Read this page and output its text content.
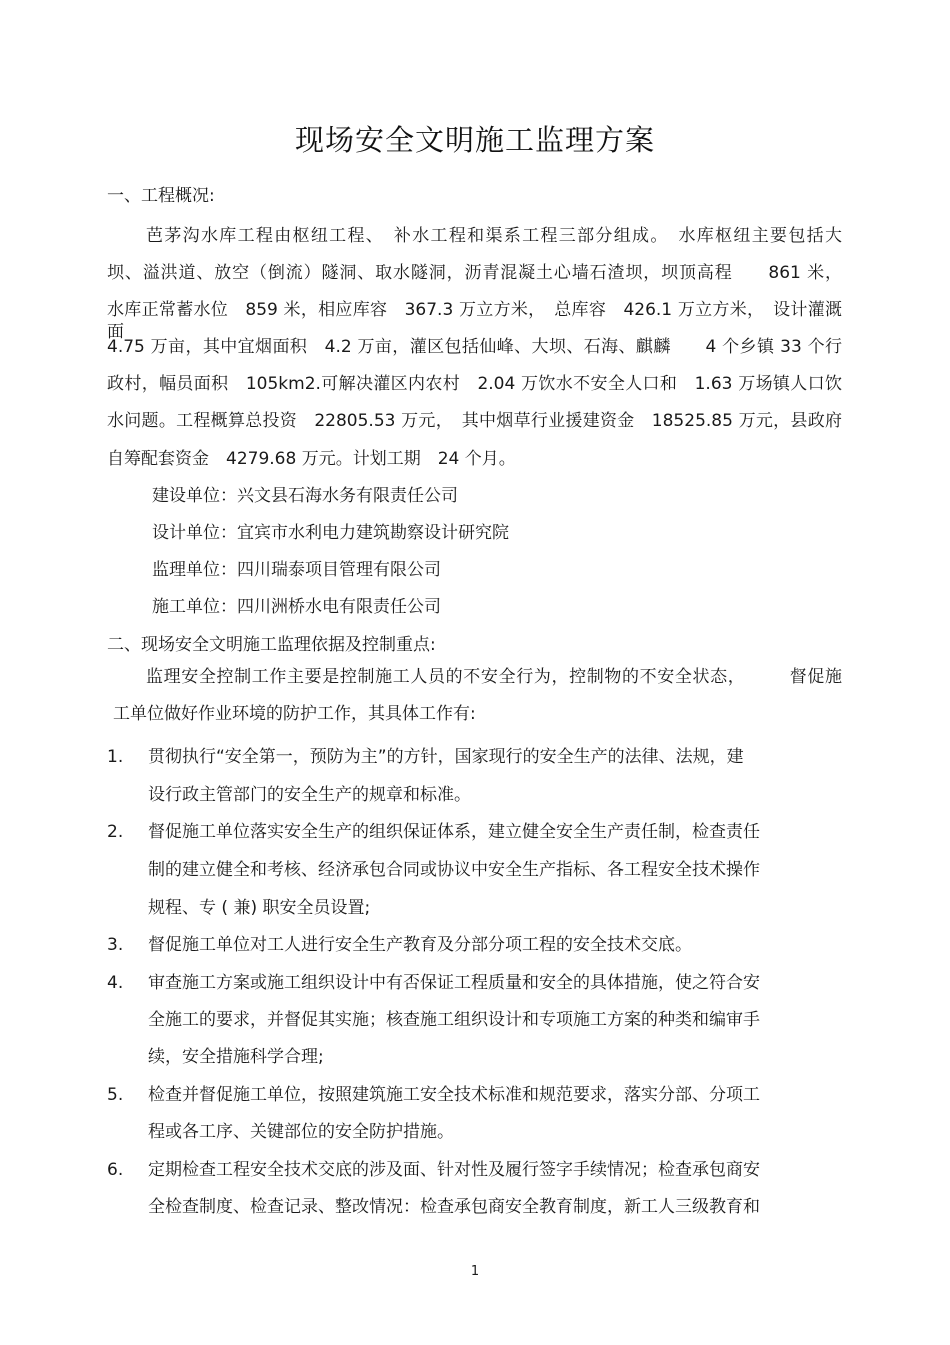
现场安全文明施工监理方案
一、工程概况:
芭茅沟水库工程由枢纽工程、　补水工程和渠系工程三部分组成。　水库枢纽主要包括大
坝、溢洪道、放空（倒流）隧洞、取水隧洞，沥青混凝土心墙石渣坝，坝顶高程　　861 米，
水库正常蓄水位　859 米，相应库容　367.3 万立方米，　总库容　426.1 万立方米，　设计灌溉面
4.75 万亩，其中宜烟面积　4.2 万亩，灌区包括仙峰、大坝、石海、麒麟　　4 个乡镇 33 个行
政村，幅员面积　105km2.可解决灌区内农村　2.04 万饮水不安全人口和　1.63 万场镇人口饮
水问题。工程概算总投资　22805.53 万元，　其中烟草行业援建资金　18525.85 万元，县政府
自筹配套资金　4279.68 万元。计划工期　24 个月。
建设单位：兴文县石海水务有限责任公司
设计单位：宜宾市水利电力建筑勘察设计研究院
监理单位：四川瑞泰项目管理有限公司
施工单位：四川洲桥水电有限责任公司
二、现场安全文明施工监理依据及控制重点:
监理安全控制工作主要是控制施工人员的不安全行为，控制物的不安全状态，　　　督促施
工单位做好作业环境的防护工作，其具体工作有:
1. 贯彻执行“安全第一，预防为主”的方针，国家现行的安全生产的法律、法规，建
设行政主管部门的安全生产的规章和标准。
2. 督促施工单位落实安全生产的组织保证体系，建立健全安全生产责任制，检查责任
制的建立健全和考核、经济承包合同或协议中安全生产指标、各工程安全技术操作
规程、专 ( 兼) 职安全员设置;
3. 督促施工单位对工人进行安全生产教育及分部分项工程的安全技术交底。
4. 审查施工方案或施工组织设计中有否保证工程质量和安全的具体措施，使之符合安
全施工的要求，并督促其实施；核查施工组织设计和专项施工方案的种类和编审手
续，安全措施科学合理;
5. 检查并督促施工单位，按照建筑施工安全技术标准和规范要求，落实分部、分项工
程或各工序、关键部位的安全防护措施。
6. 定期检查工程安全技术交底的涉及面、针对性及履行签字手续情况；检查承包商安
全检查制度、检查记录、整改情况：检查承包商安全教育制度，新工人三级教育和
1
